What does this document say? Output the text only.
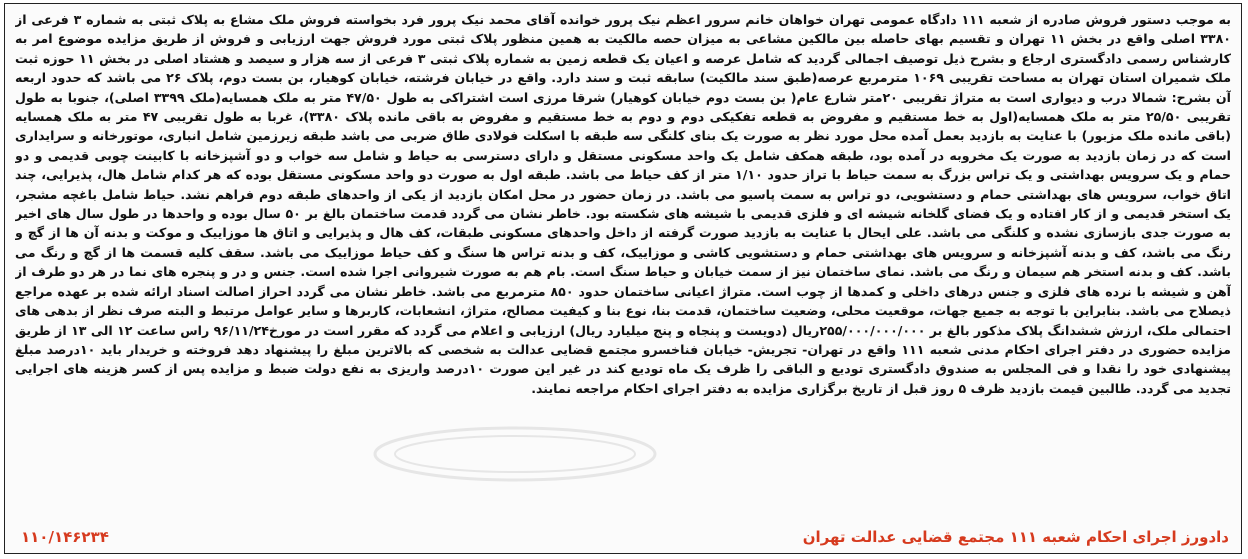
به موجب دستور فروش صادره از شعبه ۱۱۱ دادگاه عمومی تهران خواهان خانم سرور اعظم نیک پرور خوانده آقای محمد نیک پرور فرد بخواسته فروش ملک مشاع به پلاک ثبتی به شماره ۳ فرعی از ۳۳۸۰ اصلی واقع در بخش ۱۱ تهران و تقسیم بهای حاصله بین مالکین مشاعی به میزان حصه مالکیت به همین منظور پلاک ثبتی مورد فروش جهت ارزیابی و فروش از طریق مزایده موضوع امر به کارشناس رسمی دادگستری ارجاع و بشرح ذیل توصیف اجمالی گردید که شامل عرصه و اعیان یک قطعه زمین به شماره پلاک ثبتی ۳ فرعی از سه هزار و سیصد و هشتاد اصلی در بخش ۱۱ حوزه ثبت ملک شمیران استان تهران به مساحت تقریبی ۱۰۶۹ مترمربع عرصه(طبق سند مالکیت) سابقه ثبت و سند دارد. واقع در خیابان فرشته، خیابان کوهیار، بن بست دوم، پلاک ۲۶ می باشد که حدود اربعه آن بشرح: شمالا درب و دیواری است به متراژ تقریبی ۲۰متر شارع عام( بن بست دوم خیابان کوهیار) شرقا مرزی است اشتراکی به طول ۴۷/۵۰ متر به ملک همسایه(ملک ۳۳۹۹ اصلی)، جنوبا به طول تقریبی ۲۵/۵۰ متر به ملک همسایه(اول به خط مستقیم و مفروض به قطعه تفکیکی دوم و دوم به خط مستقیم و مفروض به باقی مانده پلاک ۳۳۸۰)، غربا به طول تقریبی ۴۷ متر به ملک همسایه (باقی مانده ملک مزبور) با عنایت به بازدید بعمل آمده محل مورد نظر به صورت یک بنای کلنگی سه طبقه با اسکلت فولادی طاق ضربی می باشد طبقه زیرزمین شامل انباری، موتورخانه و سرایداری است که در زمان بازدید به صورت یک مخروبه در آمده بود، طبقه همکف شامل یک واحد مسکونی مستقل و دارای دسترسی به حیاط و شامل سه خواب و دو آشپزخانه با کابینت چوبی قدیمی و دو حمام و یک سرویس بهداشتی و یک تراس بزرگ به سمت حیاط با تراز حدود ۱/۱۰ متر از کف حیاط می باشد. طبقه اول به صورت دو واحد مسکونی مستقل بوده که هر کدام شامل هال، پذیرایی، چند اتاق خواب، سرویس های بهداشتی حمام و دستشویی، دو تراس به سمت پاسیو می باشد. در زمان حضور در محل امکان بازدید از یکی از واحدهای طبقه دوم فراهم نشد. حیاط شامل باغچه مشجر، یک استخر قدیمی و از کار افتاده و یک فضای گلخانه شیشه ای و فلزی قدیمی با شیشه های شکسته بود. خاطر نشان می گردد قدمت ساختمان بالغ بر ۵۰ سال بوده و واحدها در طول سال های اخیر به صورت جدی بازسازی نشده و کلنگی می باشد. علی ایحال با عنایت به بازدید صورت گرفته از داخل واحدهای مسکونی طبقات، کف هال و پذیرایی و اتاق ها موزاییک و موکت و بدنه آن ها از گچ و رنگ می باشد، کف و بدنه آشپزخانه و سرویس های بهداشتی حمام و دستشویی کاشی و موزاییک، کف و بدنه تراس ها سنگ و کف حیاط موزاییک می باشد. سقف کلیه قسمت ها از گچ و رنگ می باشد. کف و بدنه استخر هم سیمان و رنگ می باشد. نمای ساختمان نیز از سمت خیابان و حیاط سنگ است. بام هم به صورت شیروانی اجرا شده است. جنس و در و پنجره های نما در هر دو طرف از آهن و شیشه با نرده های فلزی و جنس درهای داخلی و کمدها از چوب است. متراژ اعیانی ساختمان حدود ۸۵۰ مترمربع می باشد. خاطر نشان می گردد احراز اصالت اسناد ارائه شده بر عهده مراجع ذیصلاح می باشد. بنابراین با توجه به جمیع جهات، موقعیت محلی، وضعیت ساختمان، قدمت بنا، نوع بنا و کیفیت مصالح، متراژ، انشعابات، کاربرها و سایر عوامل مرتبط و البته صرف نظر از بدهی های احتمالی ملک، ارزش ششدانگ پلاک مذکور بالغ بر ۲۵۵/۰۰۰/۰۰۰/۰۰۰ریال (دویست و پنجاه و پنج میلیارد ریال) ارزیابی و اعلام می گردد که مقرر است در مورخ۹۶/۱۱/۲۴ راس ساعت ۱۲ الی ۱۳ از طریق مزایده حضوری در دفتر اجرای احکام مدنی شعبه ۱۱۱ واقع در تهران- تجریش- خیابان فناخسرو مجتمع قضایی عدالت به شخصی که بالاترین مبلغ را پیشنهاد دهد فروخته و خریدار باید ۱۰درصد مبلغ پیشنهادی خود را نقدا و فی المجلس به صندوق دادگستری تودیع و الباقی را ظرف یک ماه تودیع کند در غیر این صورت ۱۰درصد واریزی به نفع دولت ضبط و مزایده پس از کسر هزینه های اجرایی تجدید می گردد. طالبین قیمت بازدید ظرف ۵ روز قبل از تاریخ برگزاری مزایده به دفتر اجرای احکام مراجعه نمایند.

دادورز اجرای احکام شعبه ۱۱۱ مجتمع قضایی عدالت تهران
۱۱۰/۱۴۶۲۳۴
